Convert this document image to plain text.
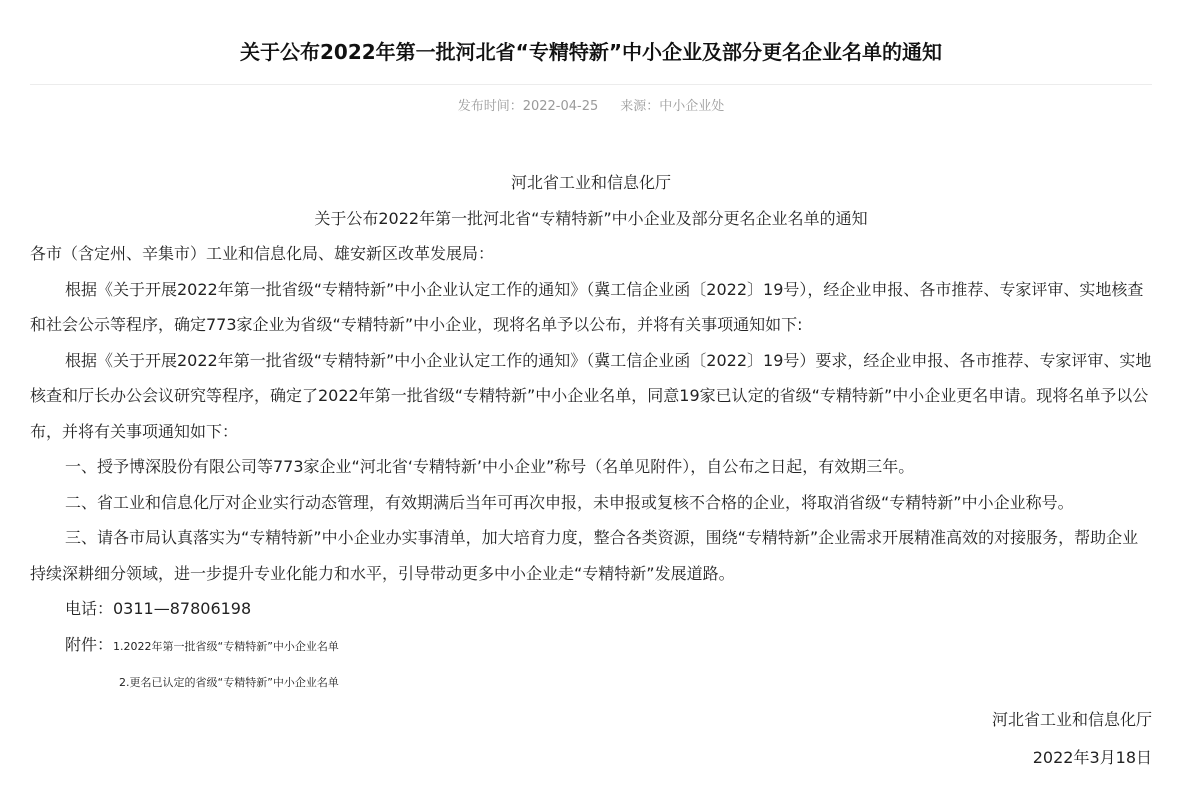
关于公布2022年第一批河北省“专精特新”中小企业及部分更名企业名单的通知
发布时间：2022-04-25 来源：中小企业处

河北省工业和信息化厅

关于公布2022年第一批河北省“专精特新”中小企业及部分更名企业名单的通知

各市（含定州、辛集市）工业和信息化局、雄安新区改革发展局：

根据《关于开展2022年第一批省级“专精特新”中小企业认定工作的通知》（冀工信企业函〔2022〕19号），经企业申报、各市推荐、专家评审、实地核查和社会公示等程序，确定773家企业为省级“专精特新”中小企业，现将名单予以公布，并将有关事项通知如下:

根据《关于开展2022年第一批省级“专精特新”中小企业认定工作的通知》（冀工信企业函〔2022〕19号）要求，经企业申报、各市推荐、专家评审、实地核查和厅长办公会议研究等程序，确定了2022年第一批省级“专精特新”中小企业名单，同意19家已认定的省级“专精特新”中小企业更名申请。现将名单予以公布，并将有关事项通知如下：

一、授予博深股份有限公司等773家企业“河北省‘专精特新’中小企业”称号（名单见附件），自公布之日起，有效期三年。

二、省工业和信息化厅对企业实行动态管理，有效期满后当年可再次申报，未申报或复核不合格的企业，将取消省级“专精特新”中小企业称号。

三、请各市局认真落实为“专精特新”中小企业办实事清单，加大培育力度，整合各类资源，围绕“专精特新”企业需求开展精准高效的对接服务，帮助企业持续深耕细分领域，进一步提升专业化能力和水平，引导带动更多中小企业走“专精特新”发展道路。

电话：0311—87806198

附件：1.2022年第一批省级“专精特新”中小企业名单

2.更名已认定的省级“专精特新”中小企业名单

河北省工业和信息化厅

2022年3月18日
